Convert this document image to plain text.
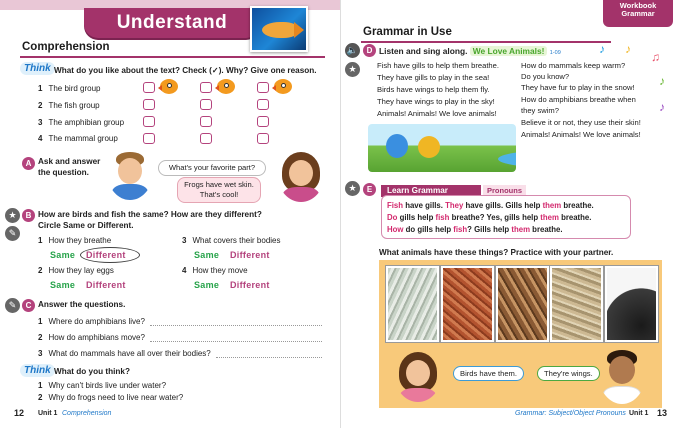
Understand
Comprehension
Think What do you like about the text? Check (✓). Why? Give one reason.
1 The bird group
2 The fish group
3 The amphibian group
4 The mammal group
A Ask and answer
the question.
What's your favorite part?
Frogs have wet skin.
That's cool!
★
✎
B How are birds and fish the same? How are they different?
Circle Same or Different.
1 How they breathe
Same Different
3 What covers their bodies
Same Different
2 How they lay eggs
Same Different
4 How they move
Same Different
✎	C Answer the questions.
1 Where do amphibians live?
2 How do amphibians move?
3 What do mammals have all over their bodies?
Think What do you think?
1 Why can't birds live under water?
2 Why do frogs need to live near water?
12 Unit 1 Comprehension
Workbook
Grammar
Grammar in Use
🔈
★
D Listen and sing along. We Love Animals! 1-09	♪ ♪
♫
♪
♪
Fish have gills to help them breathe.
They have gills to play in the sea!
Birds have wings to help them fly.
They have wings to play in the sky!
Animals! Animals! We love animals!
How do mammals keep warm?
Do you know?
They have fur to play in the snow!
How do amphibians breathe when
they swim?
Believe it or not, they use their skin!
Animals! Animals! We love animals!
★	E	Learn Grammar	Pronouns
Fish have gills. They have gills. Gills help them breathe.
Do gills help fish breathe? Yes, gills help them breathe.
How do gills help fish? Gills help them breathe.
What animals have these things? Practice with your partner.
Birds have them.	They're wings.
Grammar: Subject/Object Pronouns Unit 1 13
